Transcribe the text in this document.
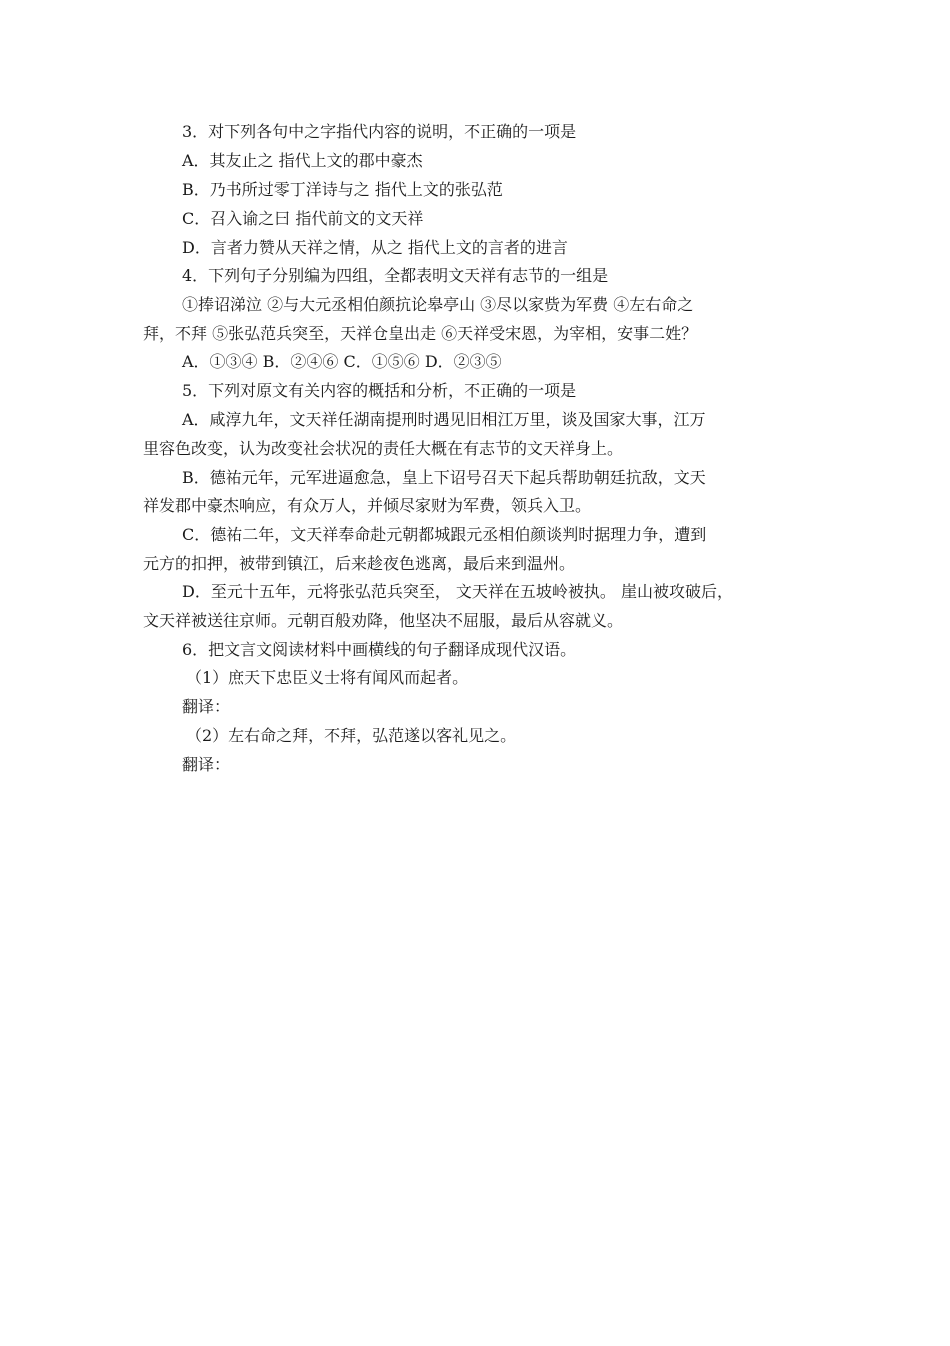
3．对下列各句中之字指代内容的说明，不正确的一项是
A．其友止之 指代上文的郡中豪杰
B．乃书所过零丁洋诗与之 指代上文的张弘范
C．召入谕之曰 指代前文的文天祥
D．言者力赞从天祥之情，从之 指代上文的言者的进言
4．下列句子分别编为四组，全都表明文天祥有志节的一组是
①捧诏涕泣 ②与大元丞相伯颜抗论皋亭山 ③尽以家赀为军费 ④左右命之
拜，不拜 ⑤张弘范兵突至，天祥仓皇出走 ⑥天祥受宋恩，为宰相，安事二姓？
A．①③④ B．②④⑥ C．①⑤⑥ D．②③⑤
5．下列对原文有关内容的概括和分析，不正确的一项是
A．咸淳九年，文天祥任湖南提刑时遇见旧相江万里，谈及国家大事，江万
里容色改变，认为改变社会状况的责任大概在有志节的文天祥身上。
B．德祐元年，元军进逼愈急，皇上下诏号召天下起兵帮助朝廷抗敌，文天
祥发郡中豪杰响应，有众万人，并倾尽家财为军费，领兵入卫。
C．德祐二年，文天祥奉命赴元朝都城跟元丞相伯颜谈判时据理力争，遭到
元方的扣押，被带到镇江，后来趁夜色逃离，最后来到温州。
D．至元十五年，元将张弘范兵突至， 文天祥在五坡岭被执。 崖山被攻破后，
文天祥被送往京师。元朝百般劝降，他坚决不屈服，最后从容就义。
6．把文言文阅读材料中画横线的句子翻译成现代汉语。
（1）庶天下忠臣义士将有闻风而起者。
翻译：
（2）左右命之拜，不拜，弘范遂以客礼见之。
翻译：
